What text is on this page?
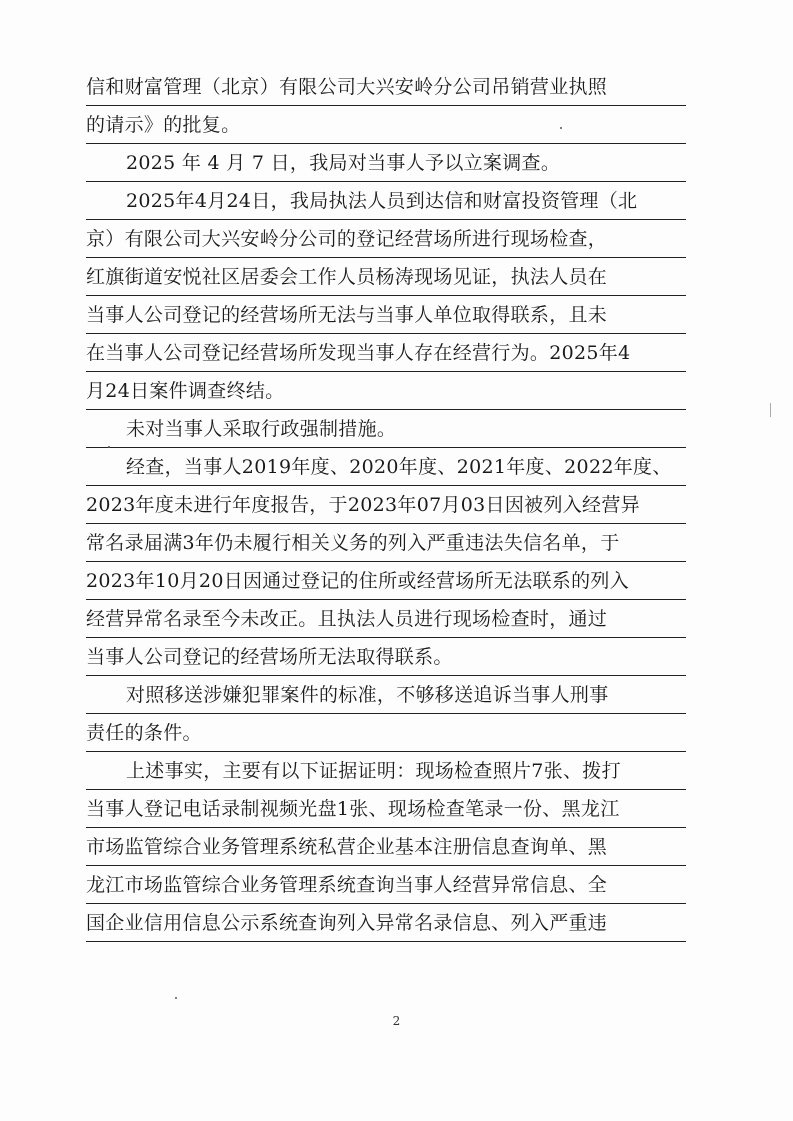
信和财富管理（北京）有限公司大兴安岭分公司吊销营业执照
的请示》的批复。
2025 年 4 月 7 日，我局对当事人予以立案调查。
2025年4月24日，我局执法人员到达信和财富投资管理（北
京）有限公司大兴安岭分公司的登记经营场所进行现场检查，
红旗街道安悦社区居委会工作人员杨涛现场见证，执法人员在
当事人公司登记的经营场所无法与当事人单位取得联系，且未
在当事人公司登记经营场所发现当事人存在经营行为。2025年4
月24日案件调查终结。
未对当事人采取行政强制措施。
经查，当事人2019年度、2020年度、2021年度、2022年度、
2023年度未进行年度报告，于2023年07月03日因被列入经营异
常名录届满3年仍未履行相关义务的列入严重违法失信名单，于
2023年10月20日因通过登记的住所或经营场所无法联系的列入
经营异常名录至今未改正。且执法人员进行现场检查时，通过
当事人公司登记的经营场所无法取得联系。
对照移送涉嫌犯罪案件的标准，不够移送追诉当事人刑事
责任的条件。
上述事实，主要有以下证据证明：现场检查照片7张、拨打
当事人登记电话录制视频光盘1张、现场检查笔录一份、黑龙江
市场监管综合业务管理系统私营企业基本注册信息查询单、黑
龙江市场监管综合业务管理系统查询当事人经营异常信息、全
国企业信用信息公示系统查询列入异常名录信息、列入严重违
2
